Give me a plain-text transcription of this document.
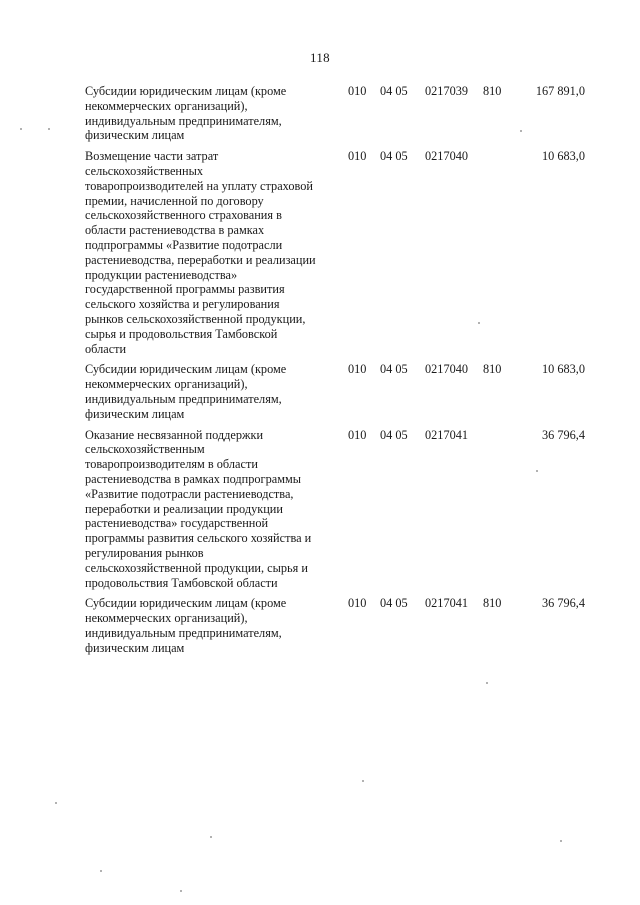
118
Субсидии юридическим лицам (кроме
некоммерческих организаций),
индивидуальным предпринимателям,
физическим лицам
010 04 05 0217039 810	167 891,0
Возмещение части затрат
сельскохозяйственных
товаропроизводителей на уплату страховой
премии, начисленной по договору
сельскохозяйственного страхования в
области растениеводства в рамках
подпрограммы «Развитие подотрасли
растениеводства, переработки и реализации
продукции растениеводства»
государственной программы развития
сельского хозяйства и регулирования
рынков сельскохозяйственной продукции,
сырья и продовольствия Тамбовской
области
010 04 05 0217040	10 683,0
Субсидии юридическим лицам (кроме
некоммерческих организаций),
индивидуальным предпринимателям,
физическим лицам
010 04 05 0217040 810	10 683,0
Оказание несвязанной поддержки
сельскохозяйственным
товаропроизводителям в области
растениеводства в рамках подпрограммы
«Развитие подотрасли растениеводства,
переработки и реализации продукции
растениеводства» государственной
программы развития сельского хозяйства и
регулирования рынков
сельскохозяйственной продукции, сырья и
продовольствия Тамбовской области
010 04 05 0217041	36 796,4
Субсидии юридическим лицам (кроме
некоммерческих организаций),
индивидуальным предпринимателям,
физическим лицам
010 04 05 0217041 810	36 796,4
